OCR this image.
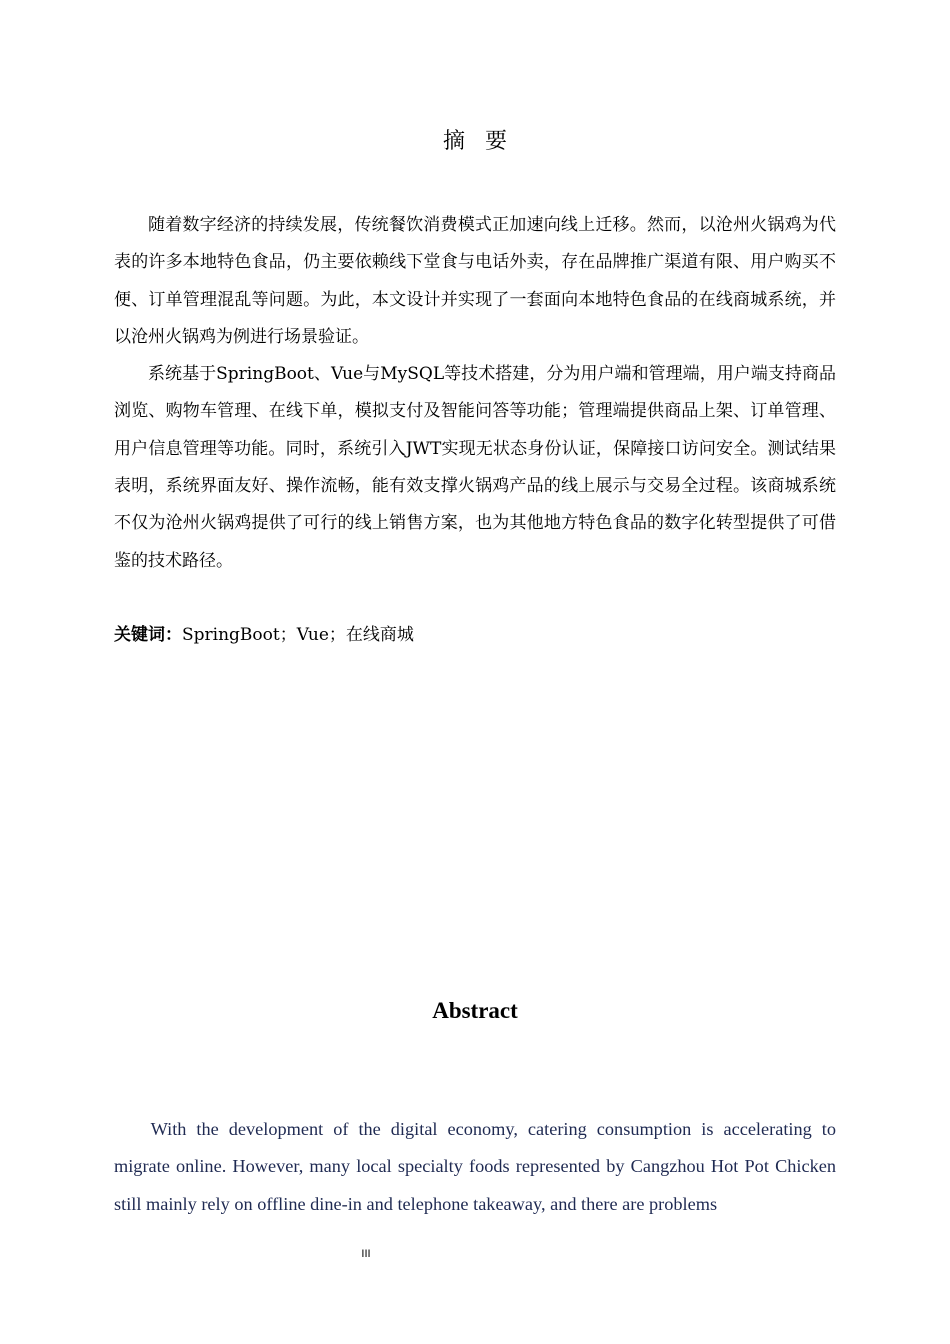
摘要

随着数字经济的持续发展，传统餐饮消费模式正加速向线上迁移。然而，以沧州火锅鸡为代表的许多本地特色食品，仍主要依赖线下堂食与电话外卖，存在品牌推广渠道有限、用户购买不便、订单管理混乱等问题。为此，本文设计并实现了一套面向本地特色食品的在线商城系统，并以沧州火锅鸡为例进行场景验证。

系统基于SpringBoot、Vue与MySQL等技术搭建，分为用户端和管理端，用户端支持商品浏览、购物车管理、在线下单，模拟支付及智能问答等功能；管理端提供商品上架、订单管理、用户信息管理等功能。同时，系统引入JWT实现无状态身份认证，保障接口访问安全。测试结果表明，系统界面友好、操作流畅，能有效支撑火锅鸡产品的线上展示与交易全过程。该商城系统不仅为沧州火锅鸡提供了可行的线上销售方案，也为其他地方特色食品的数字化转型提供了可借鉴的技术路径。

关键词：SpringBoot；Vue；在线商城
Abstract

With the development of the digital economy, catering consumption is accelerating to migrate online. However, many local specialty foods represented by Cangzhou Hot Pot Chicken still mainly rely on offline dine-in and telephone takeaway, and there are problems

III
